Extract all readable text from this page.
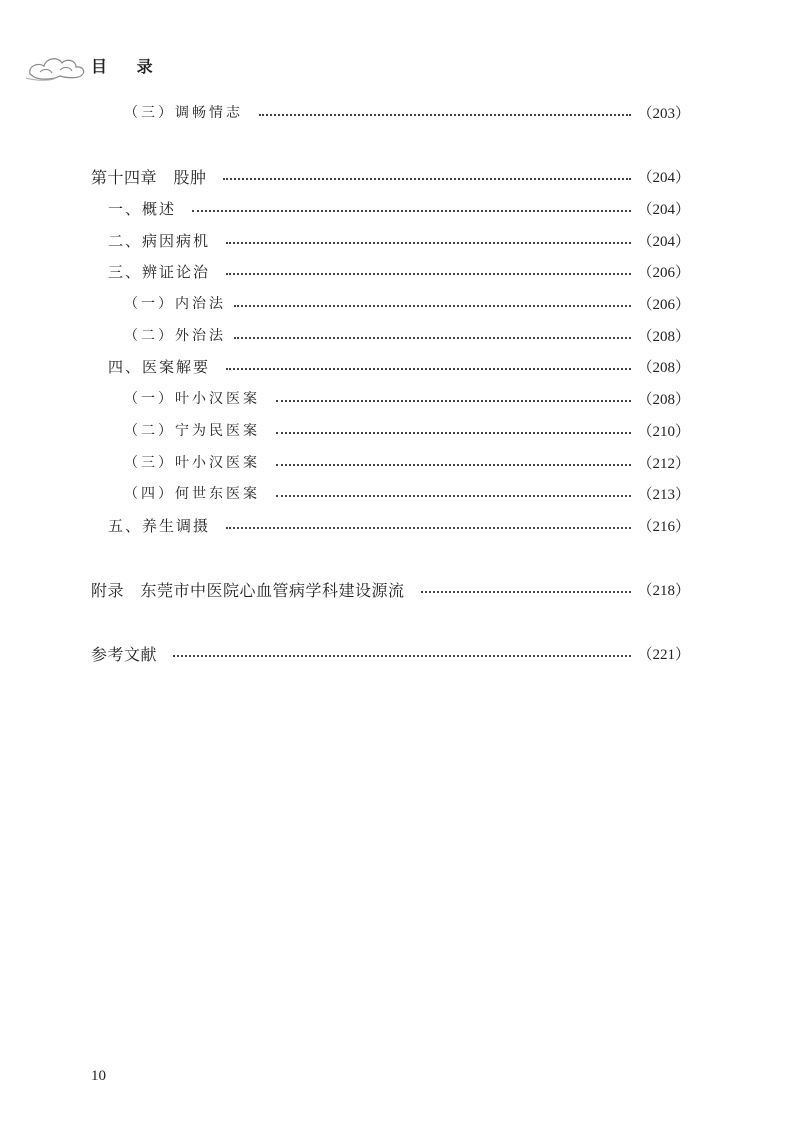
目 录
（三）调畅情志	（203）
第十四章　股肿	（204）
一、概述	（204）
二、病因病机	（204）
三、辨证论治	（206）
（一）内治法	（206）
（二）外治法	（208）
四、医案解要	（208）
（一）叶小汉医案	（208）
（二）宁为民医案	（210）
（三）叶小汉医案	（212）
（四）何世东医案	（213）
五、养生调摄	（216）
附录　东莞市中医院心血管病学科建设源流	（218）
参考文献	（221）
10
